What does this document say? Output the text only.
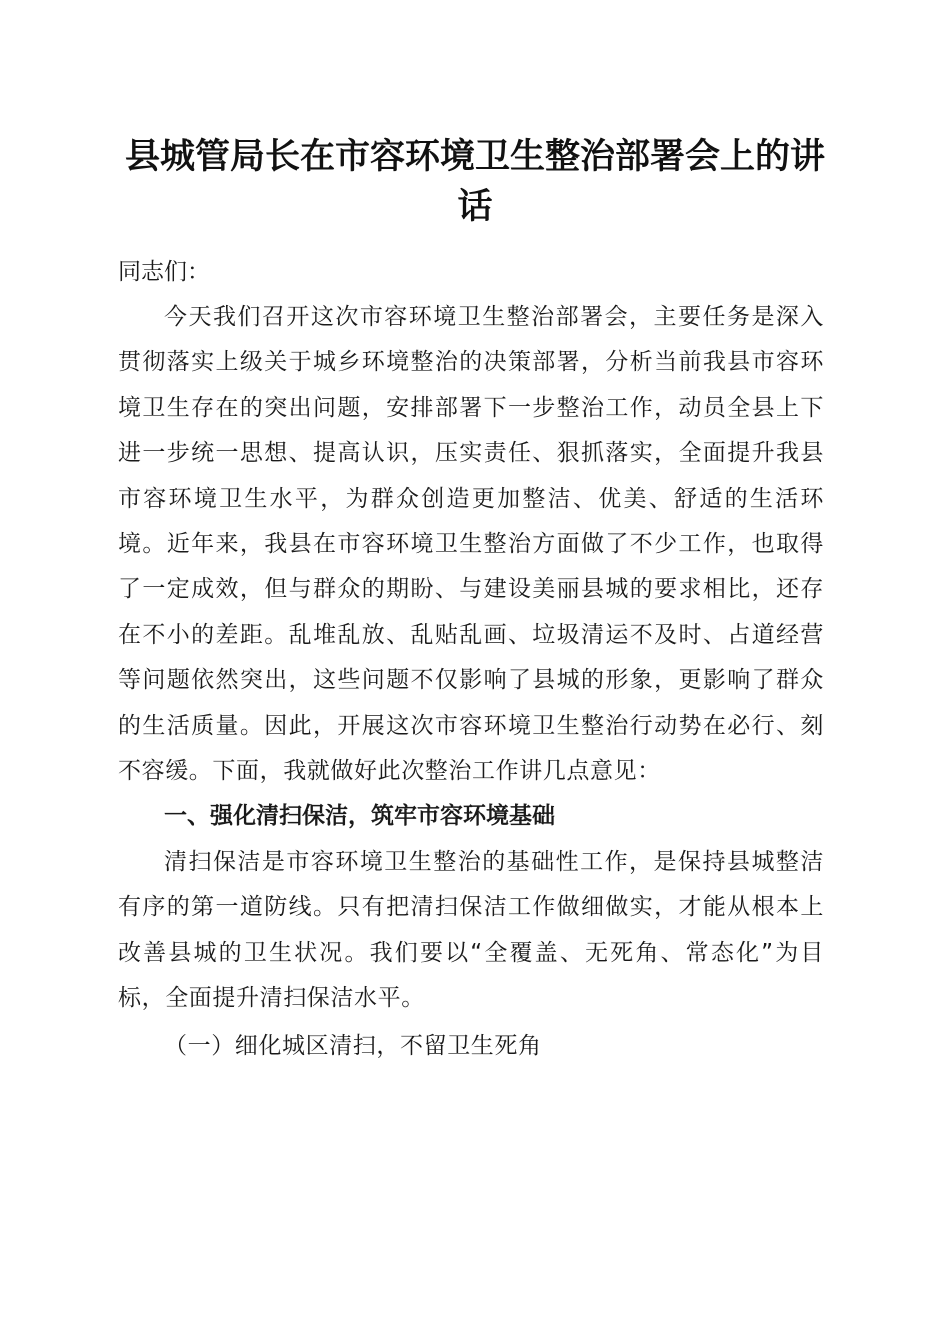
县城管局长在市容环境卫生整治部署会上的讲话

同志们：

今天我们召开这次市容环境卫生整治部署会，主要任务是深入贯彻落实上级关于城乡环境整治的决策部署，分析当前我县市容环境卫生存在的突出问题，安排部署下一步整治工作，动员全县上下进一步统一思想、提高认识，压实责任、狠抓落实，全面提升我县市容环境卫生水平，为群众创造更加整洁、优美、舒适的生活环境。近年来，我县在市容环境卫生整治方面做了不少工作，也取得了一定成效，但与群众的期盼、与建设美丽县城的要求相比，还存在不小的差距。乱堆乱放、乱贴乱画、垃圾清运不及时、占道经营等问题依然突出，这些问题不仅影响了县城的形象，更影响了群众的生活质量。因此，开展这次市容环境卫生整治行动势在必行、刻不容缓。下面，我就做好此次整治工作讲几点意见：

一、强化清扫保洁，筑牢市容环境基础

清扫保洁是市容环境卫生整治的基础性工作，是保持县城整洁有序的第一道防线。只有把清扫保洁工作做细做实，才能从根本上改善县城的卫生状况。我们要以“全覆盖、无死角、常态化”为目标，全面提升清扫保洁水平。

（一）细化城区清扫，不留卫生死角
